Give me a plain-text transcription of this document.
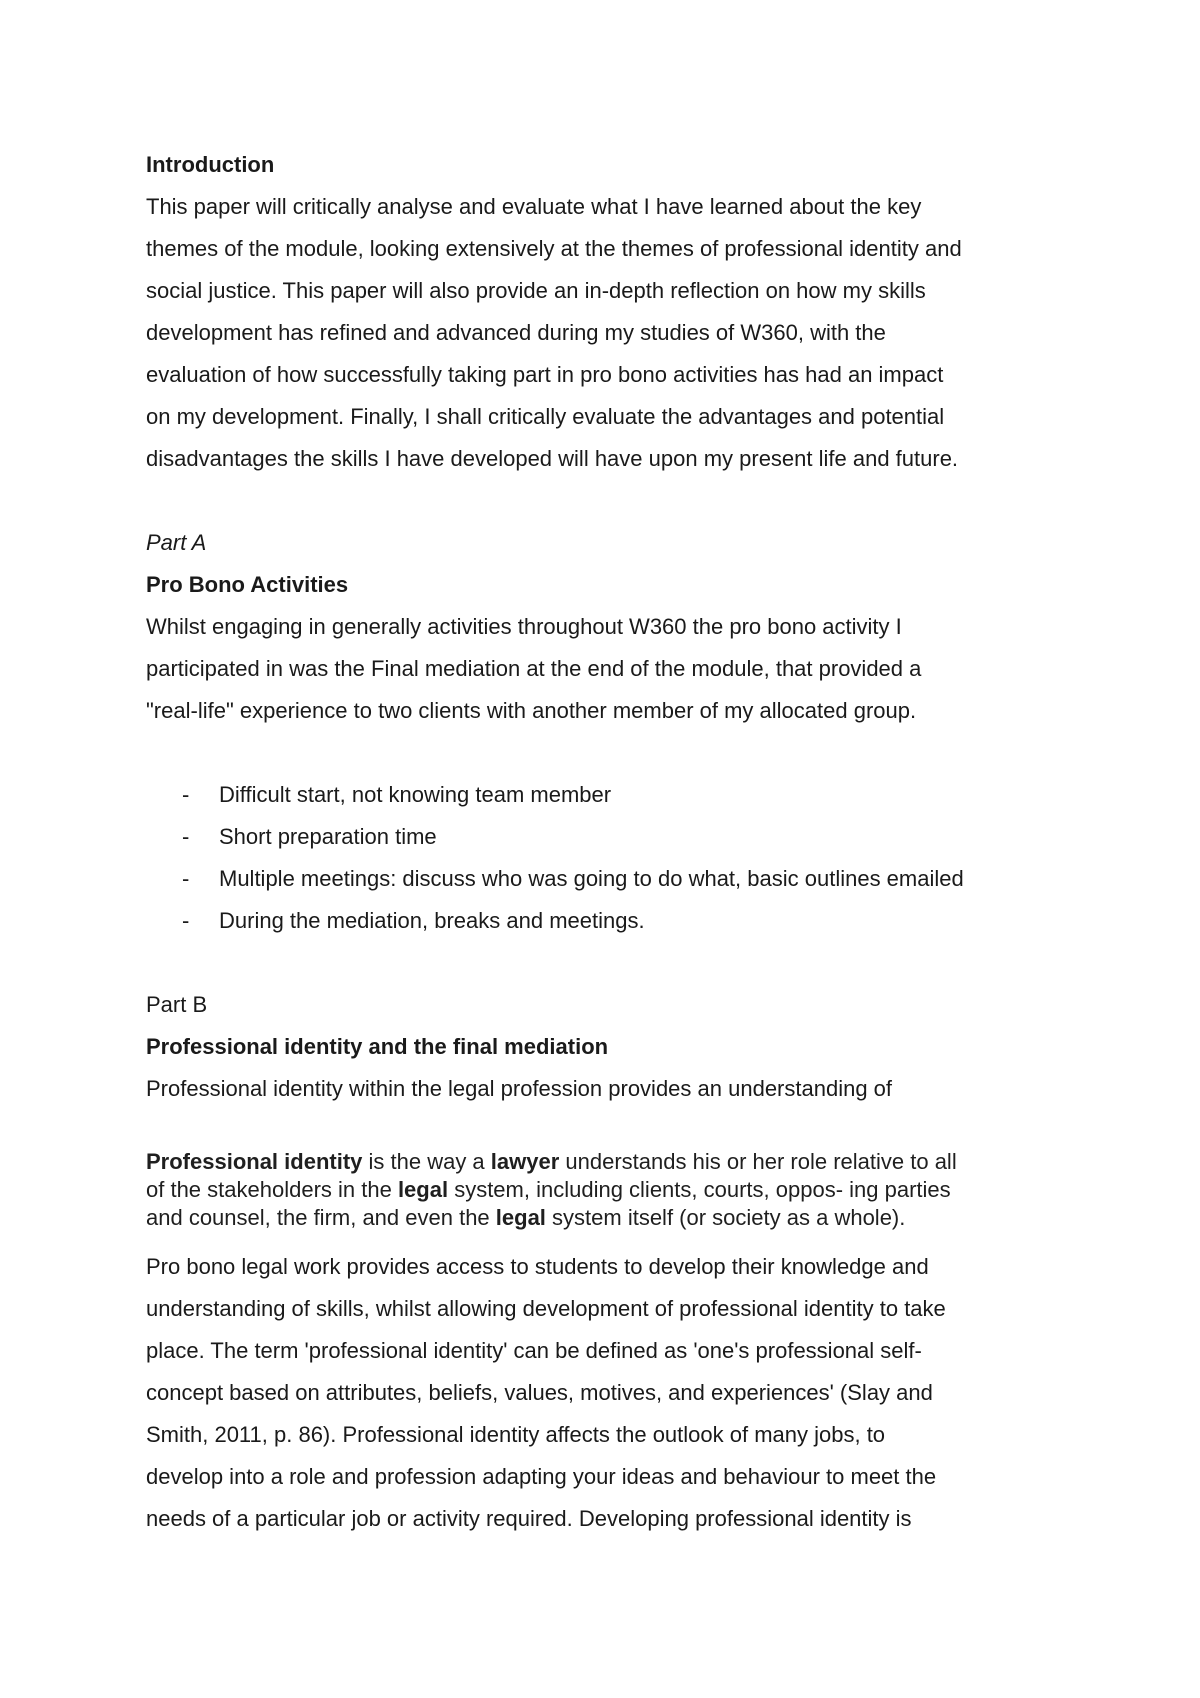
Introduction

This paper will critically analyse and evaluate what I have learned about the key

themes of the module, looking extensively at the themes of professional identity and

social justice. This paper will also provide an in-depth reflection on how my skills

development has refined and advanced during my studies of W360, with the

evaluation of how successfully taking part in pro bono activities has had an impact

on my development. Finally, I shall critically evaluate the advantages and potential

disadvantages the skills I have developed will have upon my present life and future.

Part A

Pro Bono Activities

Whilst engaging in generally activities throughout W360 the pro bono activity I

participated in was the Final mediation at the end of the module, that provided a

"real-life" experience to two clients with another member of my allocated group.

- Difficult start, not knowing team member
- Short preparation time
- Multiple meetings: discuss who was going to do what, basic outlines emailed
- During the mediation, breaks and meetings.

Part B

Professional identity and the final mediation

Professional identity within the legal profession provides an understanding of

Professional identity is the way a lawyer understands his or her role relative to all
of the stakeholders in the legal system, including clients, courts, oppos- ing parties
and counsel, the firm, and even the legal system itself (or society as a whole).

Pro bono legal work provides access to students to develop their knowledge and

understanding of skills, whilst allowing development of professional identity to take

place. The term 'professional identity' can be defined as 'one's professional self-

concept based on attributes, beliefs, values, motives, and experiences' (Slay and

Smith, 2011, p. 86). Professional identity affects the outlook of many jobs, to

develop into a role and profession adapting your ideas and behaviour to meet the

needs of a particular job or activity required. Developing professional identity is
